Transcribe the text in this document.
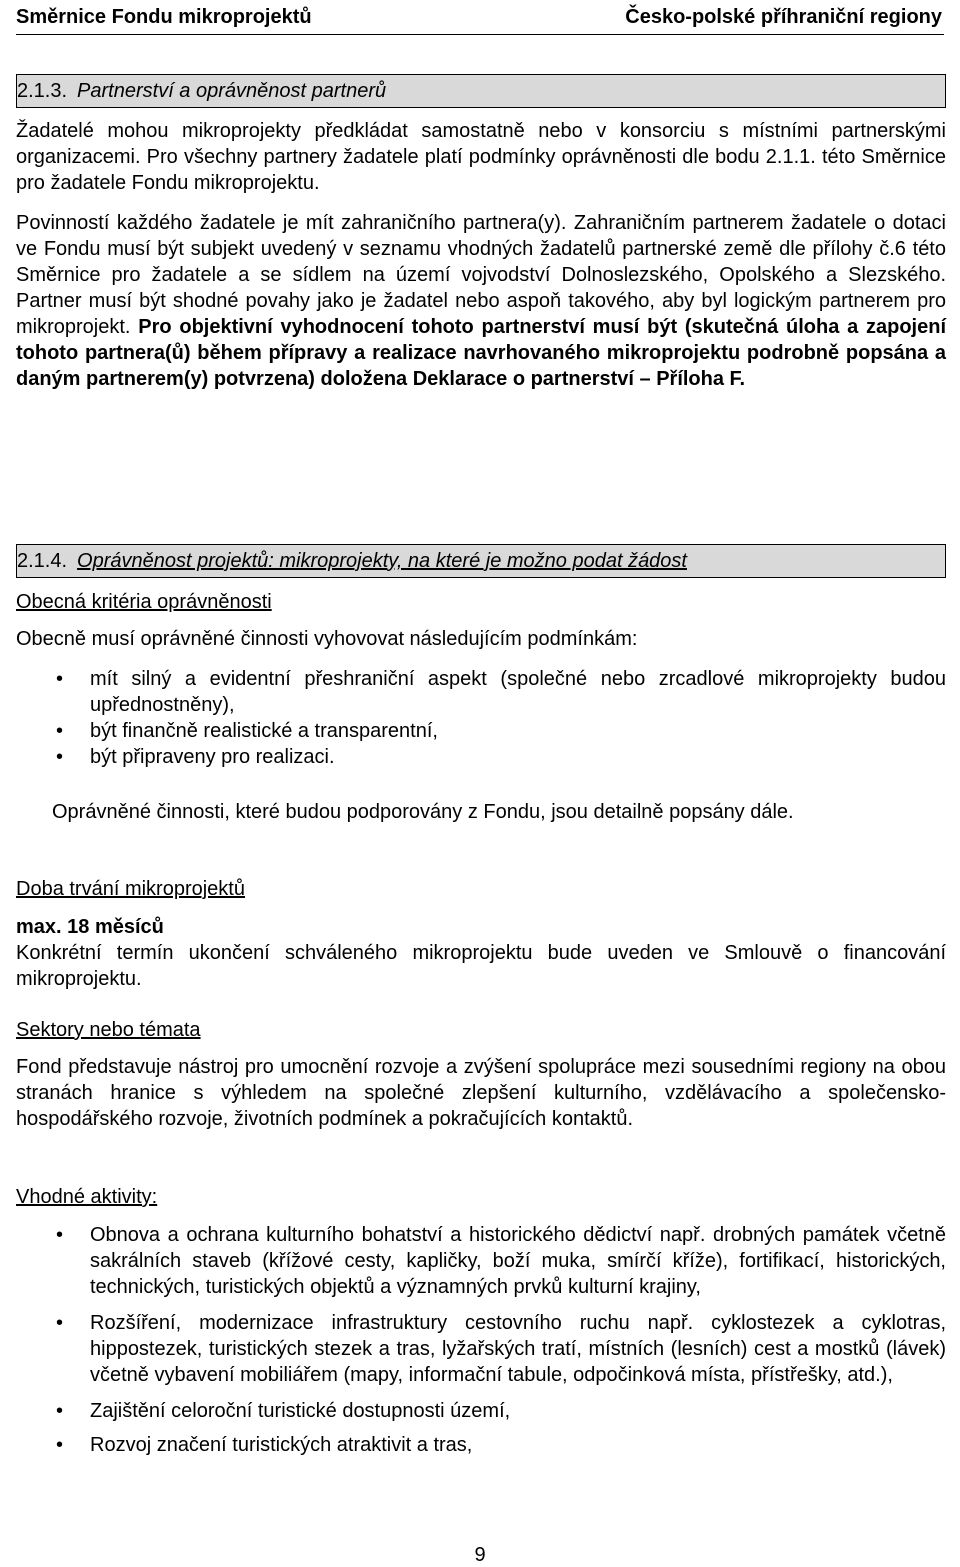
Směrnice Fondu mikroprojektů	Česko-polské příhraniční regiony
2.1.3. Partnerství a oprávněnost partnerů

Žadatelé mohou mikroprojekty předkládat samostatně nebo v konsorciu s místními partnerskými organizacemi. Pro všechny partnery žadatele platí podmínky oprávněnosti dle bodu 2.1.1. této Směrnice pro žadatele Fondu mikroprojektu.

Povinností každého žadatele je mít zahraničního partnera(y). Zahraničním partnerem žadatele o dotaci ve Fondu musí být subjekt uvedený v seznamu vhodných žadatelů partnerské země dle přílohy č.6 této Směrnice pro žadatele a se sídlem na území vojvodství Dolnoslezského, Opolského a Slezského. Partner musí být shodné povahy jako je žadatel nebo aspoň takového, aby byl logickým partnerem pro mikroprojekt. Pro objektivní vyhodnocení tohoto partnerství musí být (skutečná úloha a zapojení tohoto partnera(ů) během přípravy a realizace navrhovaného mikroprojektu podrobně popsána a daným partnerem(y) potvrzena) doložena Deklarace o partnerství – Příloha F.

2.1.4. Oprávněnost projektů: mikroprojekty, na které je možno podat žádost

Obecná kritéria oprávněnosti

Obecně musí oprávněné činnosti vyhovovat následujícím podmínkám:

• mít silný a evidentní přeshraniční aspekt (společné nebo zrcadlové mikroprojekty budou upřednostněny),
• být finančně realistické a transparentní,
• být připraveny pro realizaci.

Oprávněné činnosti, které budou podporovány z Fondu, jsou detailně popsány dále.

Doba trvání mikroprojektů

max. 18 měsíců

Konkrétní termín ukončení schváleného mikroprojektu bude uveden ve Smlouvě o financování mikroprojektu.

Sektory nebo témata

Fond představuje nástroj pro umocnění rozvoje a zvýšení spolupráce mezi sousedními regiony na obou stranách hranice s výhledem na společné zlepšení kulturního, vzdělávacího a společensko-hospodářského rozvoje, životních podmínek a pokračujících kontaktů.

Vhodné aktivity:

• Obnova a ochrana kulturního bohatství a historického dědictví např. drobných památek včetně sakrálních staveb (křížové cesty, kapličky, boží muka, smírčí kříže), fortifikací, historických, technických, turistických objektů a významných prvků kulturní krajiny,
• Rozšíření, modernizace infrastruktury cestovního ruchu např. cyklostezek a cyklotras, hippostezek, turistických stezek a tras, lyžařských tratí, místních (lesních) cest a mostků (lávek) včetně vybavení mobiliářem (mapy, informační tabule, odpočinková místa, přístřešky, atd.),
• Zajištění celoroční turistické dostupnosti území,
• Rozvoj značení turistických atraktivit a tras,
9
